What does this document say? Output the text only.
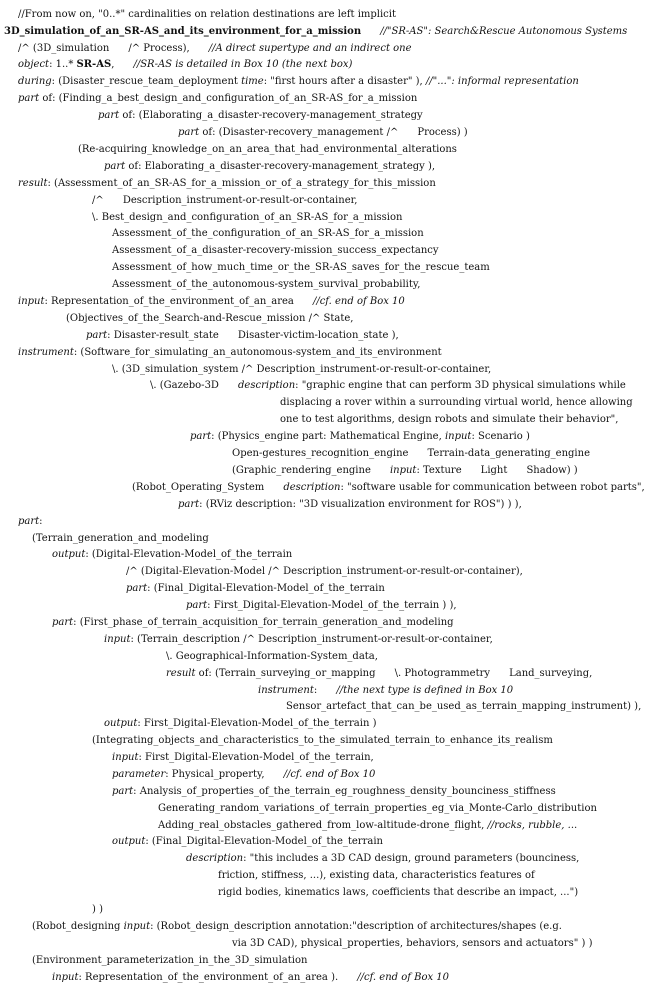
//From now on, "0..*" cardinalities on relation destinations are left implicit
3D_simulation_of_an_SR-AS_and_its_environment_for_a_mission //"SR-AS": Search&Rescue Autonomous Systems
/^ (3D_simulation      /^ Process),      //A direct supertype and an indirect one
object: 1..* SR-AS,      //SR-AS is detailed in Box 10 (the next box)
during: (Disaster_rescue_team_deployment time: "first hours after a disaster" ), //"...": informal representation
part of: (Finding_a_best_design_and_configuration_of_an_SR-AS_for_a_mission
part of: (Elaborating_a_disaster-recovery-management_strategy
part of: (Disaster-recovery_management /^      Process) )
(Re-acquiring_knowledge_on_an_area_that_had_environmental_alterations
part of: Elaborating_a_disaster-recovery-management_strategy ),
result: (Assessment_of_an_SR-AS_for_a_mission_or_of_a_strategy_for_this_mission
/^      Description_instrument-or-result-or-container,
\. Best_design_and_configuration_of_an_SR-AS_for_a_mission
Assessment_of_the_configuration_of_an_SR-AS_for_a_mission
Assessment_of_a_disaster-recovery-mission_success_expectancy
Assessment_of_how_much_time_or_the_SR-AS_saves_for_the_rescue_team
Assessment_of_the_autonomous-system_survival_probability,
input: Representation_of_the_environment_of_an_area      //cf. end of Box 10
(Objectives_of_the_Search-and-Rescue_mission /^ State,
part: Disaster-result_state      Disaster-victim-location_state ),
instrument: (Software_for_simulating_an_autonomous-system_and_its_environment
\. (3D_simulation_system /^ Description_instrument-or-result-or-container,
\. (Gazebo-3D      description: "graphic engine that can perform 3D physical simulations while
displacing a rover within a surrounding virtual world, hence allowing
one to test algorithms, design robots and simulate their behavior",
part: (Physics_engine part: Mathematical Engine, input: Scenario )
Open-gestures_recognition_engine      Terrain-data_generating_engine
(Graphic_rendering_engine      input: Texture      Light      Shadow) )
(Robot_Operating_System      description: "software usable for communication between robot parts",
part: (RViz description: "3D visualization environment for ROS") ) ),
part:
(Terrain_generation_and_modeling
output: (Digital-Elevation-Model_of_the_terrain
/^ (Digital-Elevation-Model /^ Description_instrument-or-result-or-container),
part: (Final_Digital-Elevation-Model_of_the_terrain
part: First_Digital-Elevation-Model_of_the_terrain ) ),
part: (First_phase_of_terrain_acquisition_for_terrain_generation_and_modeling
input: (Terrain_description /^ Description_instrument-or-result-or-container,
\. Geographical-Information-System_data,
result of: (Terrain_surveying_or_mapping      \. Photogrammetry      Land_surveying,
instrument:      //the next type is defined in Box 10
Sensor_artefact_that_can_be_used_as_terrain_mapping_instrument) ),
output: First_Digital-Elevation-Model_of_the_terrain )
(Integrating_objects_and_characteristics_to_the_simulated_terrain_to_enhance_its_realism
input: First_Digital-Elevation-Model_of_the_terrain,
parameter: Physical_property,      //cf. end of Box 10
part: Analysis_of_properties_of_the_terrain_eg_roughness_density_bounciness_stiffness
Generating_random_variations_of_terrain_properties_eg_via_Monte-Carlo_distribution
Adding_real_obstacles_gathered_from_low-altitude-drone_flight, //rocks, rubble, ...
output: (Final_Digital-Elevation-Model_of_the_terrain
description: "this includes a 3D CAD design, ground parameters (bounciness,
friction, stiffness, ...), existing data, characteristics features of
rigid bodies, kinematics laws, coefficients that describe an impact, ...")
) )
(Robot_designing input: (Robot_design_description annotation:"description of architectures/shapes (e.g.
via 3D CAD), physical_properties, behaviors, sensors and actuators" ) )
(Environment_parameterization_in_the_3D_simulation
input: Representation_of_the_environment_of_an_area ).      //cf. end of Box 10
